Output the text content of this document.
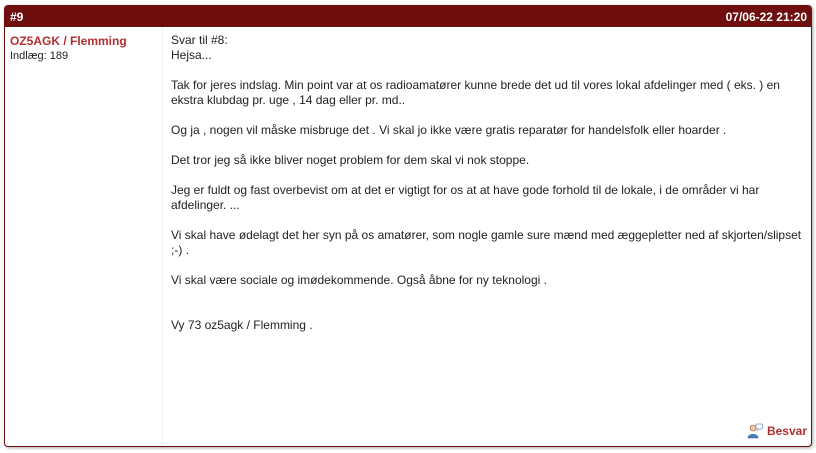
#9	07/06-22 21:20
OZ5AGK / Flemming
Indlæg: 189

Svar til #8:

Hejsa...

Tak for jeres indslag. Min point var at os radioamatører kunne brede det ud til vores lokal afdelinger med ( eks. ) en ekstra klubdag pr. uge , 14 dag eller pr. md..

Og ja , nogen vil måske misbruge det . Vi skal jo ikke være gratis reparatør for handelsfolk eller hoarder .

Det tror jeg så ikke bliver noget problem for dem skal vi nok stoppe.

Jeg er fuldt og fast overbevist om at det er vigtigt for os at at have gode forhold til de lokale, i de områder vi har afdelinger. ...

Vi skal have ødelagt det her syn på os amatører, som nogle gamle sure mænd med æggepletter ned af skjorten/slipset ;-) .

Vi skal være sociale og imødekommende. Også åbne for ny teknologi .

Vy 73 oz5agk / Flemming .

Besvar
